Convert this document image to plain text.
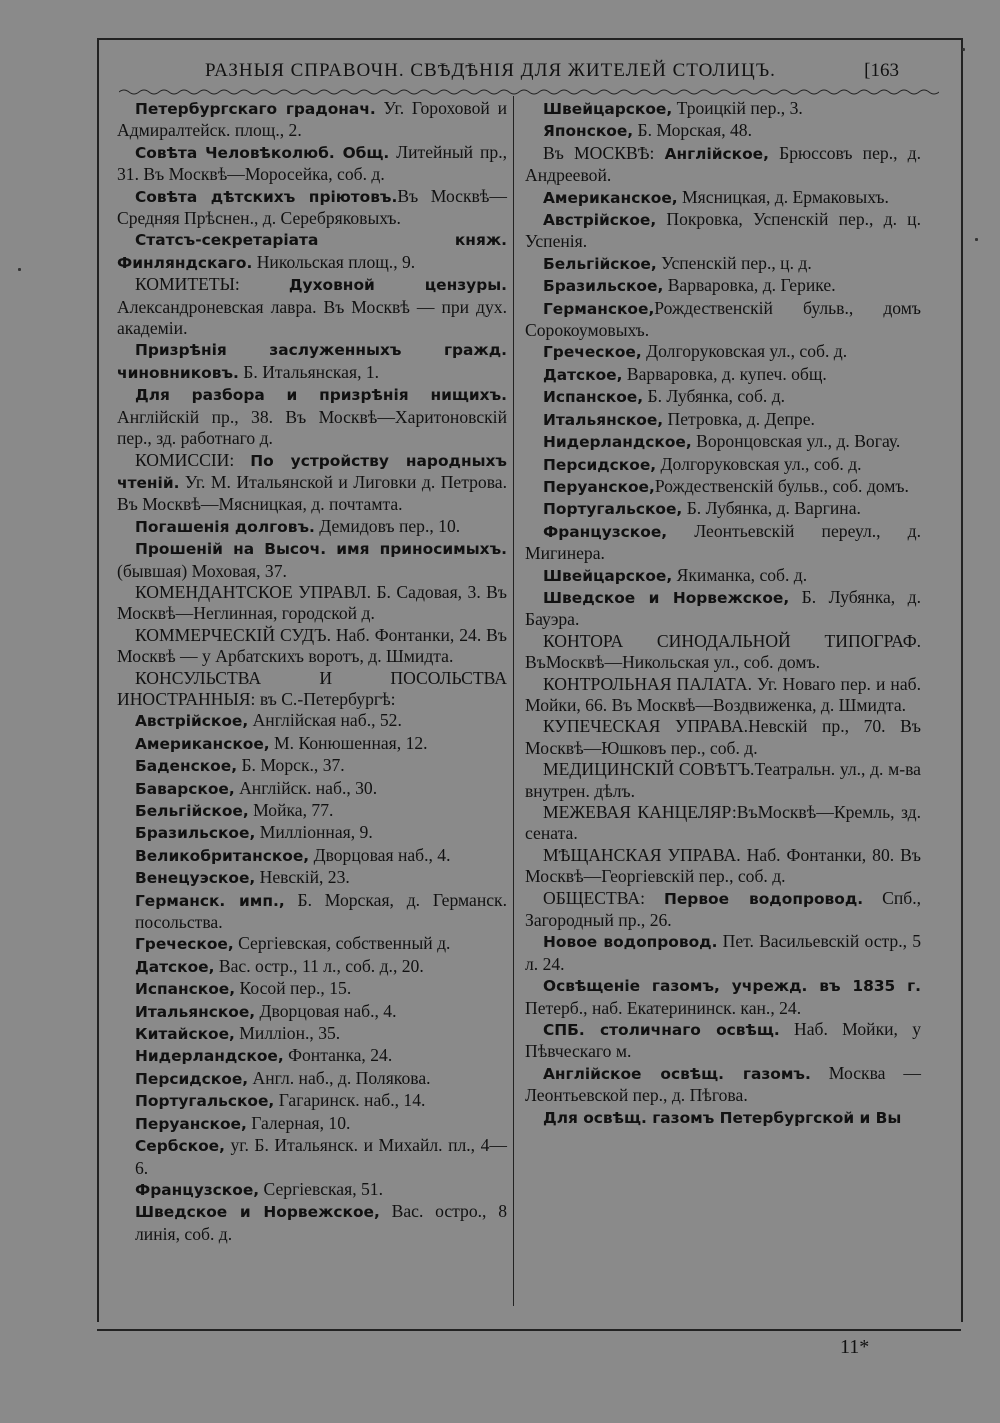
РАЗНЫЯ СПРАВОЧН. СВѢДѢНІЯ ДЛЯ ЖИТЕЛЕЙ СТОЛИЦЪ.	[163

Петербургскаго градонач. Уг. Гороховой и Адмиралтейск. площ., 2.

Совѣта Человѣколюб. Общ. Литейный пр., 31. Въ Москвѣ—Моросейка, соб. д.

Совѣта дѣтскихъ пріютовъ.Въ Москвѣ—Средняя Прѣснен., д. Серебряковыхъ.

Статсъ-секретаріата княж. Финляндскаго. Никольская площ., 9.

КОМИТЕТЫ: Духовной цензуры. Александроневская лавра. Въ Москвѣ — при дух. академіи.

Призрѣнія заслуженныхъ гражд. чиновниковъ. Б. Итальянская, 1.

Для разбора и призрѣнія нищихъ. Англійскій пр., 38. Въ Москвѣ—Харитоновскій пер., зд. работнаго д.

КОМИССІИ: По устройству народныхъ чтеній. Уг. М. Итальянской и Лиговки д. Петрова. Въ Москвѣ—Мясницкая, д. почтамта.

Погашенія долговъ. Демидовъ пер., 10.

Прошеній на Высоч. имя приносимыхъ. (бывшая) Моховая, 37.

КОМЕНДАНТСКОЕ УПРАВЛ. Б. Садовая, 3. Въ Москвѣ—Неглинная, городской д.

КОММЕРЧЕСКІЙ СУДЪ. Наб. Фонтанки, 24. Въ Москвѣ — у Арбатскихъ воротъ, д. Шмидта.

КОНСУЛЬСТВА И ПОСОЛЬСТВА ИНОСТРАННЫЯ: въ С.-Петербургѣ:

Австрійское, Англійская наб., 52.

Американское, М. Конюшенная, 12.

Баденское, Б. Морск., 37.

Баварское, Англійск. наб., 30.

Бельгійское, Мойка, 77.

Бразильское, Милліонная, 9.

Великобританское, Дворцовая наб., 4.

Венецуэское, Невскій, 23.

Германск. имп., Б. Морская, д. Германск. посольства.

Греческое, Сергіевская, собственный д.

Датское, Вас. остр., 11 л., соб. д., 20.

Испанское, Косой пер., 15.

Итальянское, Дворцовая наб., 4.

Китайское, Милліон., 35.

Нидерландское, Фонтанка, 24.

Персидское, Англ. наб., д. Полякова.

Португальское, Гагаринск. наб., 14.

Перуанское, Галерная, 10.

Сербское, уг. Б. Итальянск. и Михайл. пл., 4—6.

Французское, Сергіевская, 51.

Шведское и Норвежское, Вас. остро., 8 линія, соб. д.

Швейцарское, Троицкій пер., 3.

Японское, Б. Морская, 48.

Въ МОСКВѢ: Англійское, Брюссовъ пер., д. Андреевой.

Американское, Мясницкая, д. Ермаковыхъ.

Австрійское, Покровка, Успенскій пер., д. ц. Успенія.

Бельгійское, Успенскій пер., ц. д.

Бразильское, Варваровка, д. Герике.

Германское,Рождественскій бульв., домъ Сорокоумовыхъ.

Греческое, Долгоруковская ул., соб. д.

Датское, Варваровка, д. купеч. общ.

Испанское, Б. Лубянка, соб. д.

Итальянское, Петровка, д. Депре.

Нидерландское, Воронцовская ул., д. Вогау.

Персидское, Долгоруковская ул., соб. д.

Перуанское,Рождественскій бульв., соб. домъ.

Португальское, Б. Лубянка, д. Варгина.

Французское, Леонтьевскій переул., д. Мигинера.

Швейцарское, Якиманка, соб. д.

Шведское и Норвежское, Б. Лубянка, д. Бауэра.

КОНТОРА СИНОДАЛЬНОЙ ТИПОГРАФ. ВъМосквѣ—Никольская ул., соб. домъ.

КОНТРОЛЬНАЯ ПАЛАТА. Уг. Новаго пер. и наб. Мойки, 66. Въ Москвѣ—Воздвиженка, д. Шмидта.

КУПЕЧЕСКАЯ УПРАВА.Невскій пр., 70. Въ Москвѣ—Юшковъ пер., соб. д.

МЕДИЦИНСКІЙ СОВѢТЪ.Театральн. ул., д. м-ва внутрен. дѣлъ.

МЕЖЕВАЯ КАНЦЕЛЯР:ВъМосквѣ—Кремль, зд. сената.

МѢЩАНСКАЯ УПРАВА. Наб. Фонтанки, 80. Въ Москвѣ—Георгіевскій пер., соб. д.

ОБЩЕСТВА: Первое водопровод. Спб., Загородный пр., 26.

Новое водопровод. Пет. Васильевскій остр., 5 л. 24.

Освѣщеніе газомъ, учрежд. въ 1835 г. Петерб., наб. Екатерининск. кан., 24.

СПБ. столичнаго освѣщ. Наб. Мойки, у Пѣвческаго м.

Англійское освѣщ. газомъ. Москва — Леонтьевской пер., д. Пѣгова.

Для освѣщ. газомъ Петербургской и Вы

11*
